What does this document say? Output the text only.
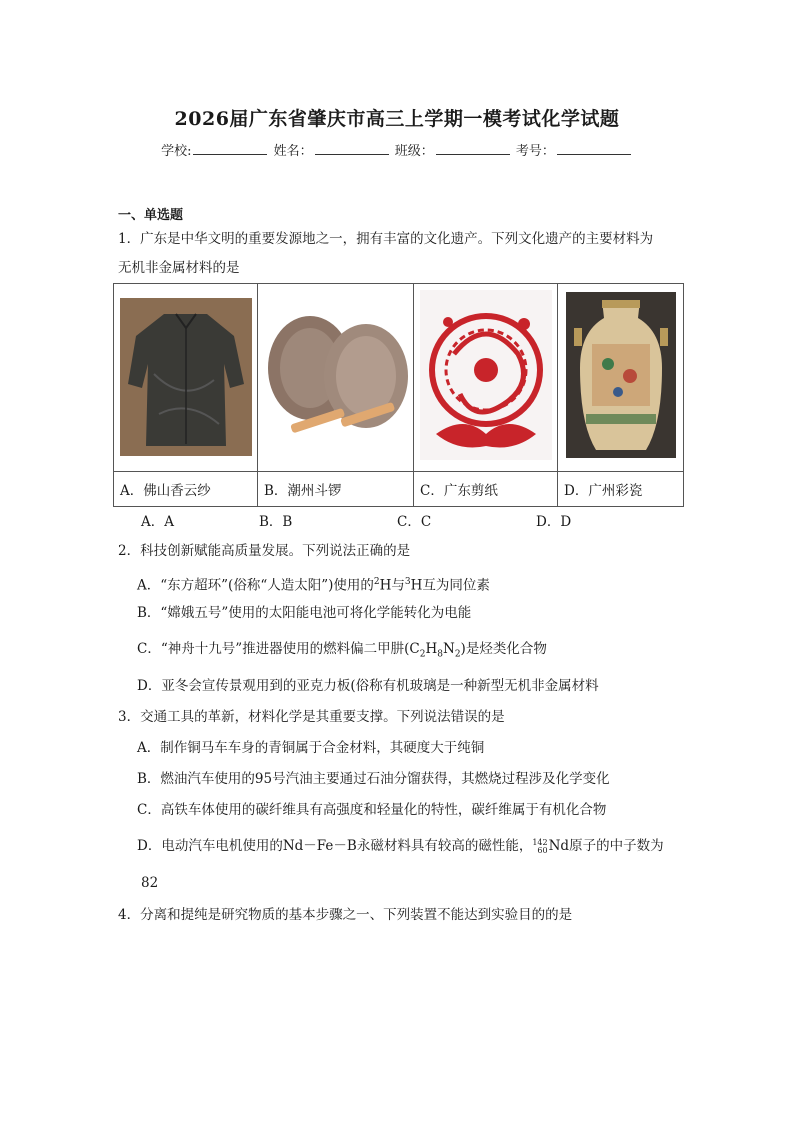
2026届广东省肇庆市高三上学期一模考试化学试题
学校:	姓名：	班级：	考号：
一、单选题
1．广东是中华文明的重要发源地之一，拥有丰富的文化遗产。下列文化遗产的主要材料为
无机非金属材料的是

A．佛山香云纱	B．潮州斗锣	C．广东剪纸	D．广州彩瓷
A．A	B．B	C．C	D．D
2．科技创新赋能高质量发展。下列说法正确的是
A．“东方超环”(俗称“人造太阳”)使用的$^2$H与$^3$H互为同位素
B．“嫦娥五号”使用的太阳能电池可将化学能转化为电能
C．“神舟十九号”推进器使用的燃料偏二甲肼$(C_2H_8N_2)$是烃类化合物
D．亚冬会宣传景观用到的亚克力板(俗称有机玻璃是一种新型无机非金属材料
3．交通工具的革新，材料化学是其重要支撑。下列说法错误的是
A．制作铜马车车身的青铜属于合金材料，其硬度大于纯铜
B．燃油汽车使用的95号汽油主要通过石油分馏获得，其燃烧过程涉及化学变化
C．高铁车体使用的碳纤维具有高强度和轻量化的特性，碳纤维属于有机化合物
D．电动汽车电机使用的Nd－Fe－B永磁材料具有较高的磁性能，142
60Nd原子的中子数为
82
4．分离和提纯是研究物质的基本步骤之一、下列装置不能达到实验目的的是
